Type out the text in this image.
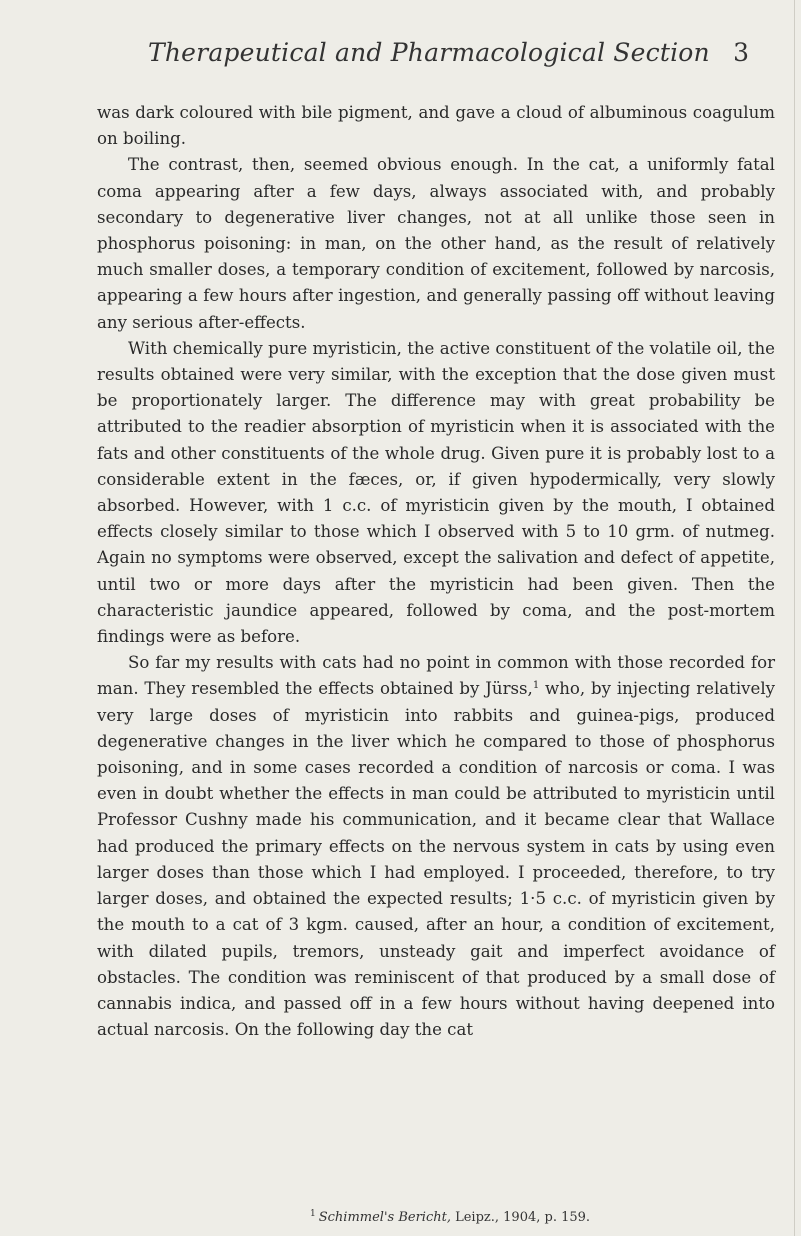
Therapeutical and Pharmacological Section 3

was dark coloured with bile pigment, and gave a cloud of albuminous coagulum on boiling.

The contrast, then, seemed obvious enough. In the cat, a uniformly fatal coma appearing after a few days, always associated with, and probably secondary to degenerative liver changes, not at all unlike those seen in phosphorus poisoning: in man, on the other hand, as the result of relatively much smaller doses, a temporary condition of excitement, followed by narcosis, appearing a few hours after ingestion, and generally passing off without leaving any serious after-effects.

With chemically pure myristicin, the active constituent of the volatile oil, the results obtained were very similar, with the exception that the dose given must be proportionately larger. The difference may with great probability be attributed to the readier absorption of myristicin when it is associated with the fats and other constituents of the whole drug. Given pure it is probably lost to a considerable extent in the fæces, or, if given hypodermically, very slowly absorbed. However, with 1 c.c. of myristicin given by the mouth, I obtained effects closely similar to those which I observed with 5 to 10 grm. of nutmeg. Again no symptoms were observed, except the salivation and defect of appetite, until two or more days after the myristicin had been given. Then the characteristic jaundice appeared, followed by coma, and the post-mortem findings were as before.

So far my results with cats had no point in common with those recorded for man. They resembled the effects obtained by Jürss,$^1$ who, by injecting relatively very large doses of myristicin into rabbits and guinea-pigs, produced degenerative changes in the liver which he compared to those of phosphorus poisoning, and in some cases recorded a condition of narcosis or coma. I was even in doubt whether the effects in man could be attributed to myristicin until Professor Cushny made his communication, and it became clear that Wallace had produced the primary effects on the nervous system in cats by using even larger doses than those which I had employed. I proceeded, therefore, to try larger doses, and obtained the expected results; 1·5 c.c. of myristicin given by the mouth to a cat of 3 kgm. caused, after an hour, a condition of excitement, with dilated pupils, tremors, unsteady gait and imperfect avoidance of obstacles. The condition was reminiscent of that produced by a small dose of cannabis indica, and passed off in a few hours without having deepened into actual narcosis. On the following day the cat

$^1$ Schimmel's Bericht, Leipz., 1904, p. 159.
